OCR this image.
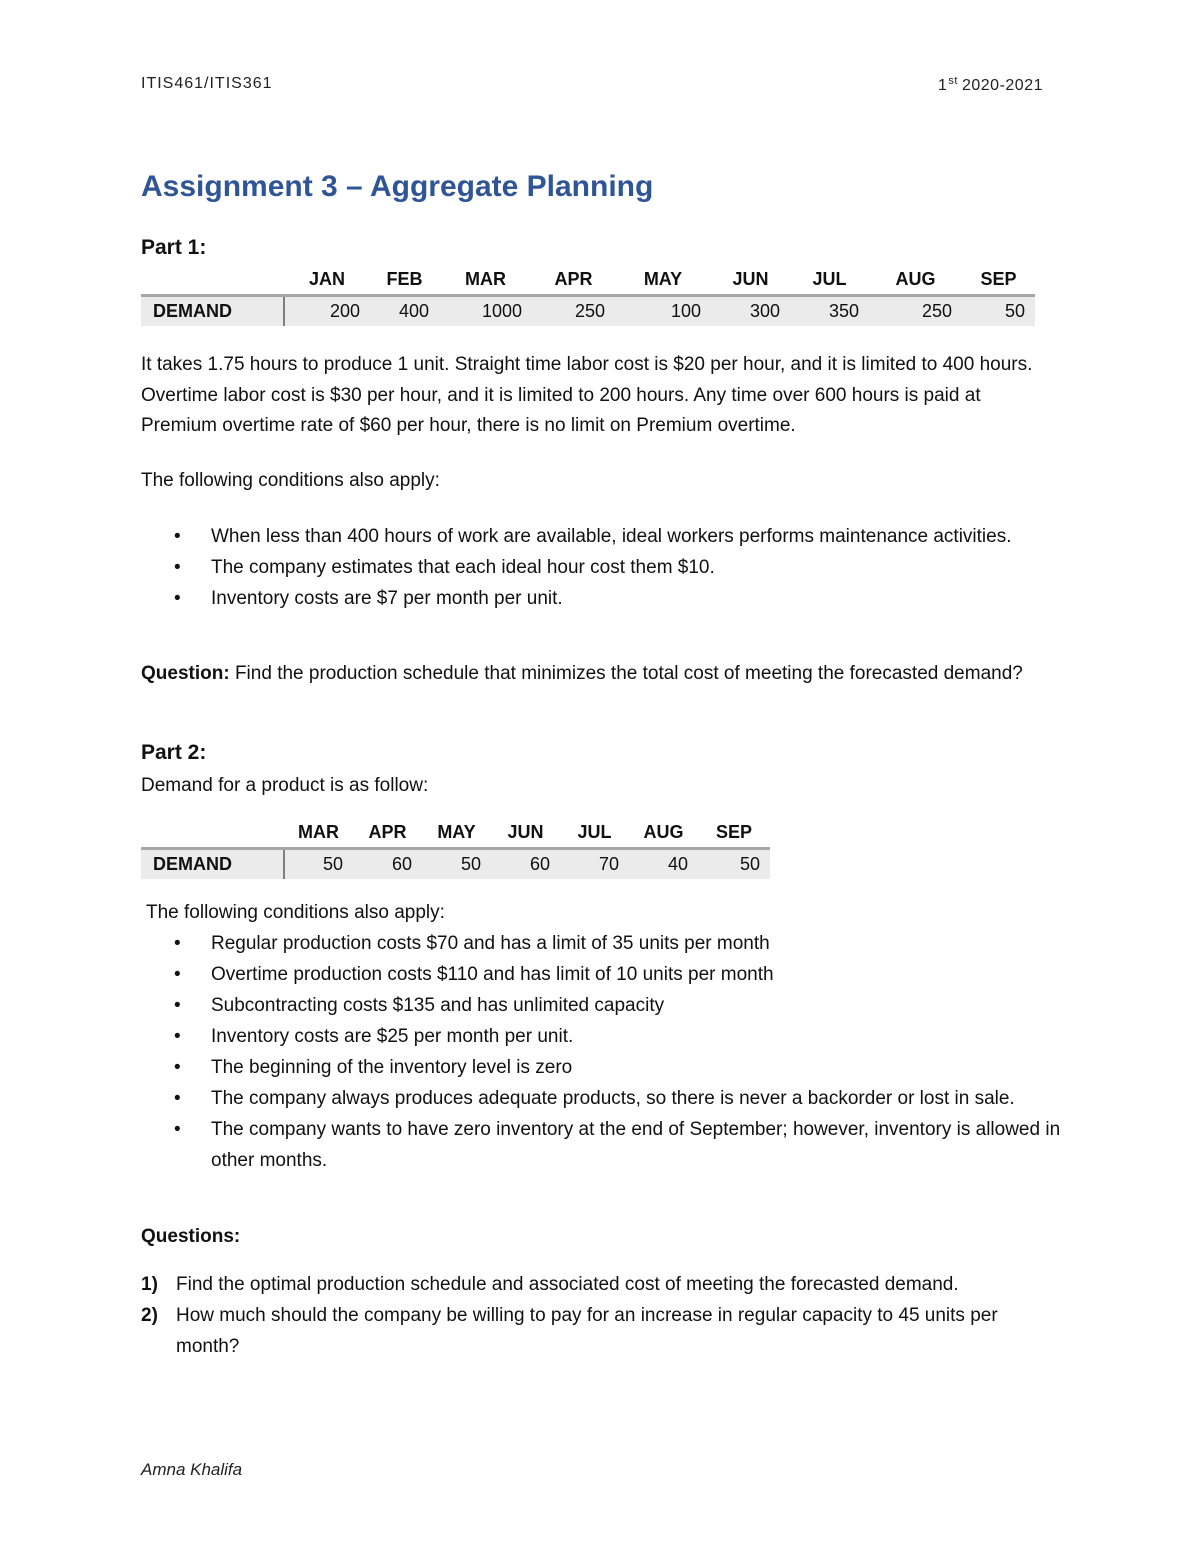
ITIS461/ITIS361	1st 2020-2021
Assignment 3 – Aggregate Planning
Part 1:
	JAN	FEB	MAR	APR	MAY	JUN	JUL	AUG	SEP
DEMAND	200	400	1000	250	100	300	350	250	50
It takes 1.75 hours to produce 1 unit. Straight time labor cost is $20 per hour, and it is limited to 400 hours. Overtime labor cost is $30 per hour, and it is limited to 200 hours. Any time over 600 hours is paid at Premium overtime rate of $60 per hour, there is no limit on Premium overtime.
The following conditions also apply:
• When less than 400 hours of work are available, ideal workers performs maintenance activities.
• The company estimates that each ideal hour cost them $10.
• Inventory costs are $7 per month per unit.
Question: Find the production schedule that minimizes the total cost of meeting the forecasted demand?
Part 2:
Demand for a product is as follow:
	MAR	APR	MAY	JUN	JUL	AUG	SEP
DEMAND	50	60	50	60	70	40	50
The following conditions also apply:
• Regular production costs $70 and has a limit of 35 units per month
• Overtime production costs $110 and has limit of 10 units per month
• Subcontracting costs $135 and has unlimited capacity
• Inventory costs are $25 per month per unit.
• The beginning of the inventory level is zero
• The company always produces adequate products, so there is never a backorder or lost in sale.
• The company wants to have zero inventory at the end of September; however, inventory is allowed in other months.
Questions:
1) Find the optimal production schedule and associated cost of meeting the forecasted demand.
2) How much should the company be willing to pay for an increase in regular capacity to 45 units per month?
Amna Khalifa
